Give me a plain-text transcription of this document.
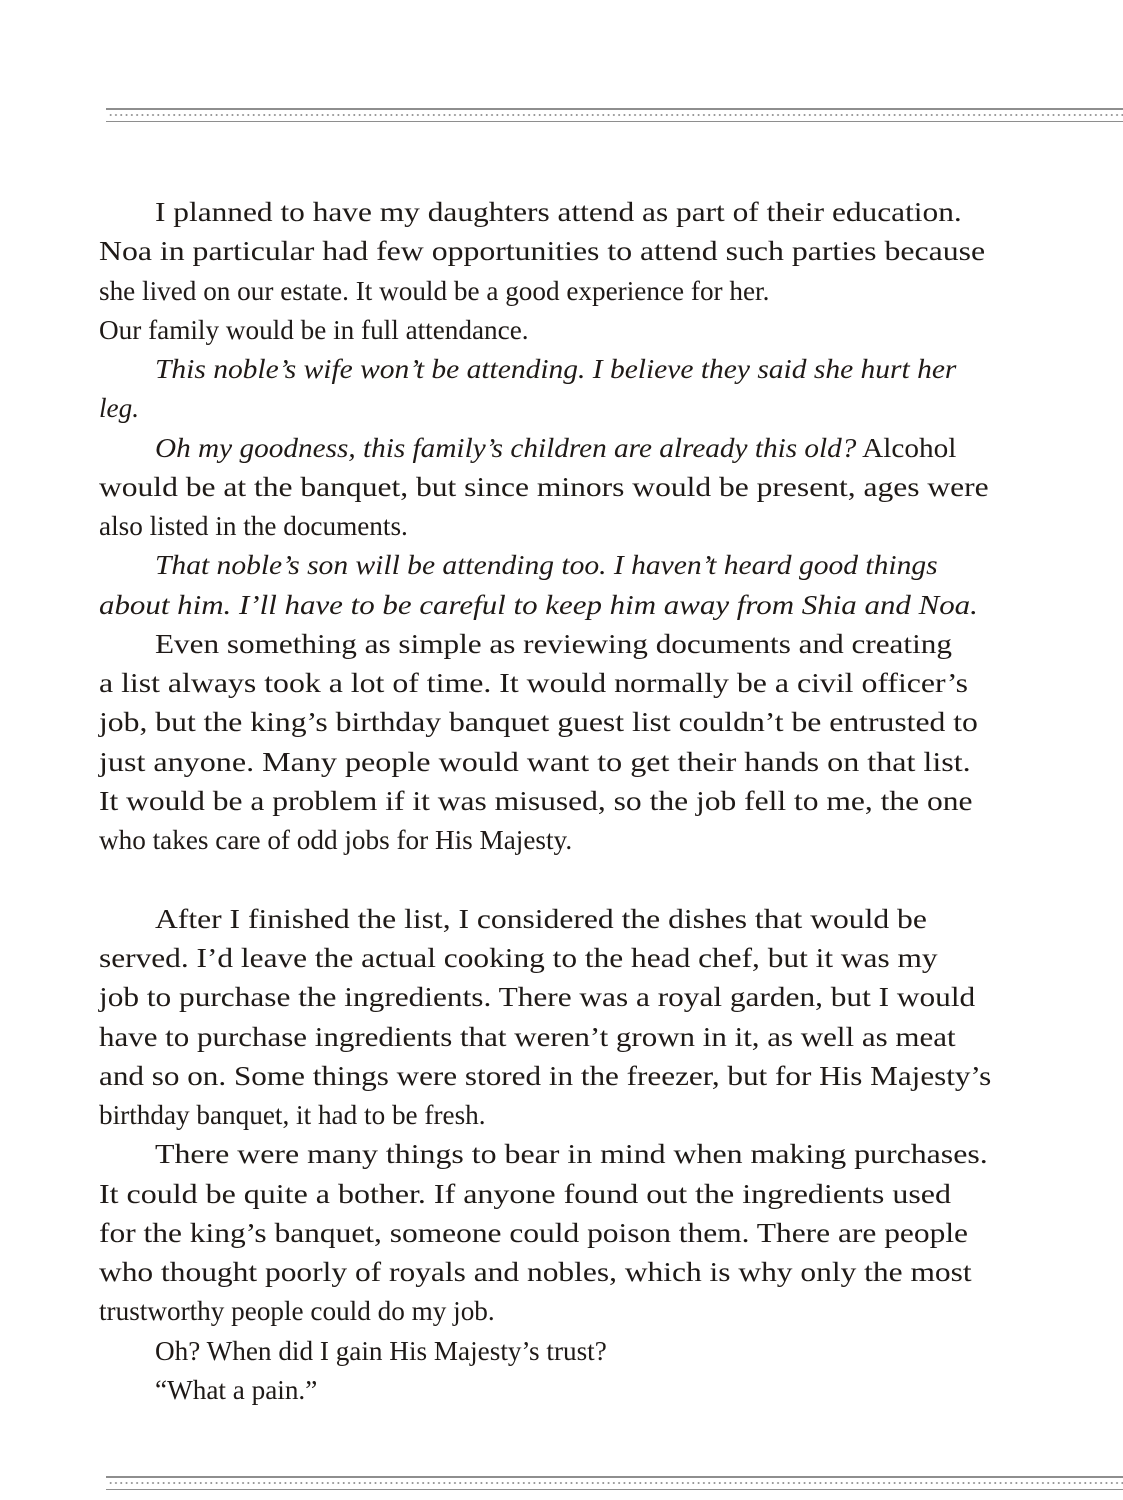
I planned to have my daughters attend as part of their education.
Noa in particular had few opportunities to attend such parties because
she lived on our estate. It would be a good experience for her.
Our family would be in full attendance.
This noble’s wife won’t be attending. I believe they said she hurt her
leg.
Oh my goodness, this family’s children are already this old? Alcohol
would be at the banquet, but since minors would be present, ages were
also listed in the documents.
That noble’s son will be attending too. I haven’t heard good things
about him. I’ll have to be careful to keep him away from Shia and Noa.
Even something as simple as reviewing documents and creating
a list always took a lot of time. It would normally be a civil officer’s
job, but the king’s birthday banquet guest list couldn’t be entrusted to
just anyone. Many people would want to get their hands on that list.
It would be a problem if it was misused, so the job fell to me, the one
who takes care of odd jobs for His Majesty.
After I finished the list, I considered the dishes that would be
served. I’d leave the actual cooking to the head chef, but it was my
job to purchase the ingredients. There was a royal garden, but I would
have to purchase ingredients that weren’t grown in it, as well as meat
and so on. Some things were stored in the freezer, but for His Majesty’s
birthday banquet, it had to be fresh.
There were many things to bear in mind when making purchases.
It could be quite a bother. If anyone found out the ingredients used
for the king’s banquet, someone could poison them. There are people
who thought poorly of royals and nobles, which is why only the most
trustworthy people could do my job.
Oh? When did I gain His Majesty’s trust?
“What a pain.”
